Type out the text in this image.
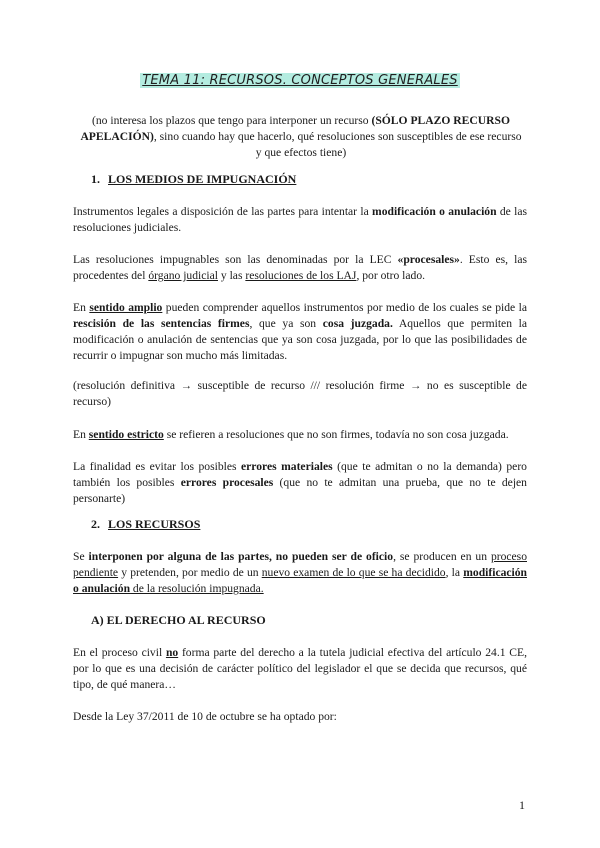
TEMA 11: RECURSOS. CONCEPTOS GENERALES
(no interesa los plazos que tengo para interponer un recurso (SÓLO PLAZO RECURSO APELACIÓN), sino cuando hay que hacerlo, qué resoluciones son susceptibles de ese recurso y que efectos tiene)
1. LOS MEDIOS DE IMPUGNACIÓN
Instrumentos legales a disposición de las partes para intentar la modificación o anulación de las resoluciones judiciales.
Las resoluciones impugnables son las denominadas por la LEC «procesales». Esto es, las procedentes del órgano judicial y las resoluciones de los LAJ, por otro lado.
En sentido amplio pueden comprender aquellos instrumentos por medio de los cuales se pide la rescisión de las sentencias firmes, que ya son cosa juzgada. Aquellos que permiten la modificación o anulación de sentencias que ya son cosa juzgada, por lo que las posibilidades de recurrir o impugnar son mucho más limitadas.
(resolución definitiva → susceptible de recurso /// resolución firme → no es susceptible de recurso)
En sentido estricto se refieren a resoluciones que no son firmes, todavía no son cosa juzgada.
La finalidad es evitar los posibles errores materiales (que te admitan o no la demanda) pero también los posibles errores procesales (que no te admitan una prueba, que no te dejen personarte)
2. LOS RECURSOS
Se interponen por alguna de las partes, no pueden ser de oficio, se producen en un proceso pendiente y pretenden, por medio de un nuevo examen de lo que se ha decidido, la modificación o anulación de la resolución impugnada.
A) EL DERECHO AL RECURSO
En el proceso civil no forma parte del derecho a la tutela judicial efectiva del artículo 24.1 CE, por lo que es una decisión de carácter político del legislador el que se decida que recursos, qué tipo, de qué manera…
Desde la Ley 37/2011 de 10 de octubre se ha optado por:
1
